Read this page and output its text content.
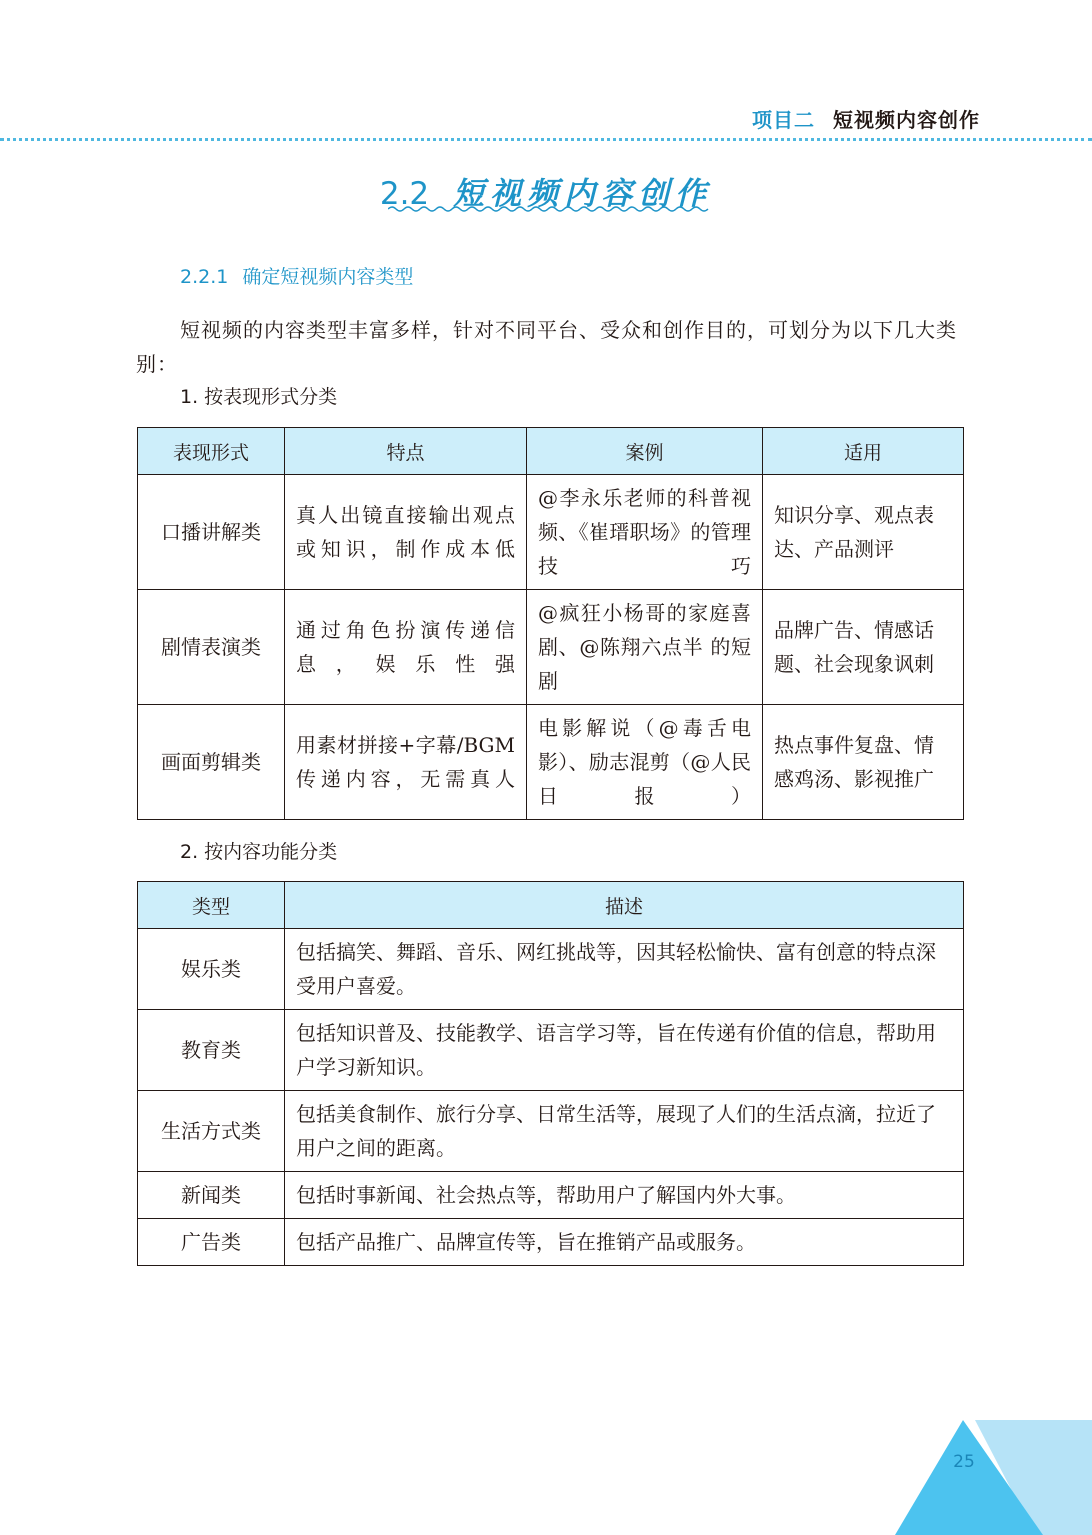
项目二 短视频内容创作
2.2 短视频内容创作
2.2.1 确定短视频内容类型
短视频的内容类型丰富多样，针对不同平台、受众和创作目的，可划分为以下几大类别：
1. 按表现形式分类
表现形式	特点	案例	适用
口播讲解类	真人出镜直接输出观点或知识，制作成本低	@李永乐老师的科普视频、《崔瑨职场》的管理技巧	知识分享、观点表达、产品测评
剧情表演类	通过角色扮演传递信息，娱乐性强	@疯狂小杨哥的家庭喜剧、@陈翔六点半 的短剧	品牌广告、情感话题、社会现象讽刺
画面剪辑类	用素材拼接+字幕/BGM传递内容，无需真人	电影解说（@毒舌电影）、励志混剪（@人民日报）	热点事件复盘、情感鸡汤、影视推广
2. 按内容功能分类
类型	描述
娱乐类	包括搞笑、舞蹈、音乐、网红挑战等，因其轻松愉快、富有创意的特点深受用户喜爱。
教育类	包括知识普及、技能教学、语言学习等，旨在传递有价值的信息，帮助用户学习新知识。
生活方式类	包括美食制作、旅行分享、日常生活等，展现了人们的生活点滴，拉近了用户之间的距离。
新闻类	包括时事新闻、社会热点等，帮助用户了解国内外大事。
广告类	包括产品推广、品牌宣传等，旨在推销产品或服务。
25
